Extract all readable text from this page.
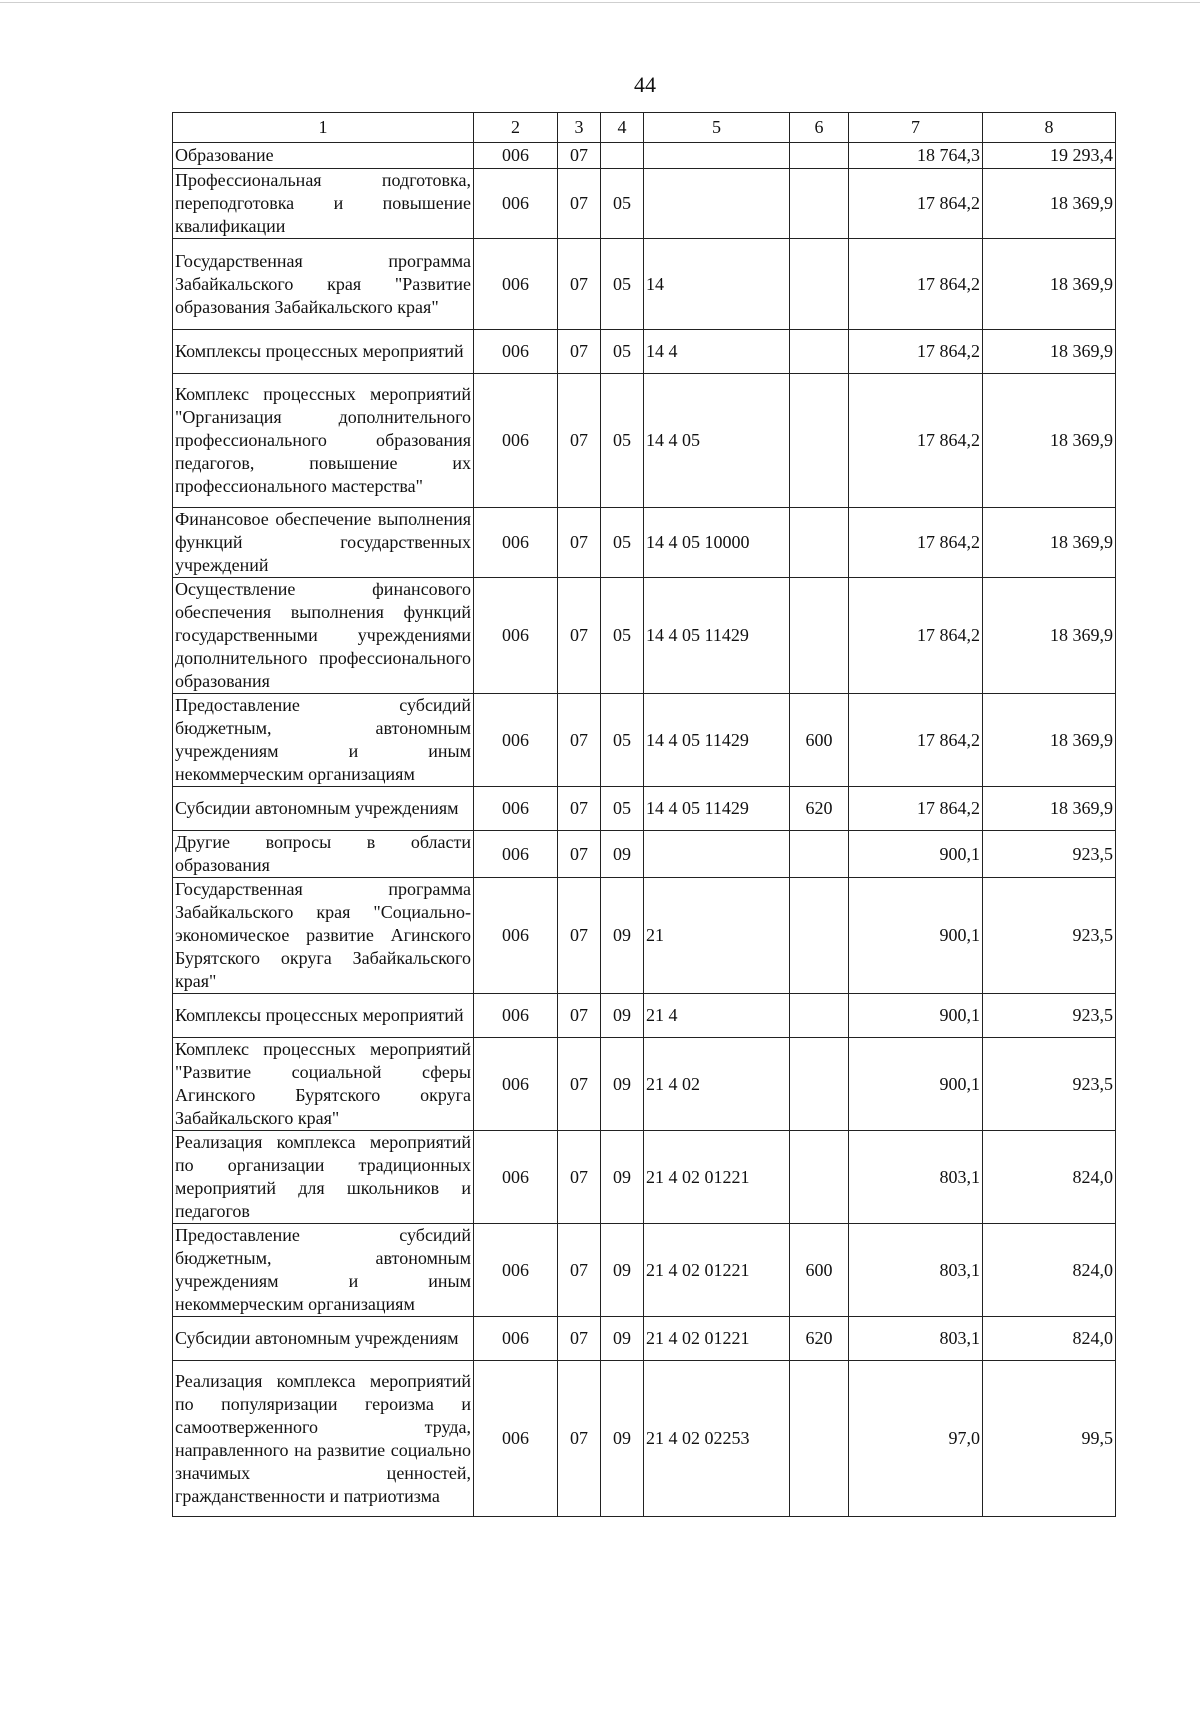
44
1	2	3	4	5	6	7	8
Образование	006	07				18 764,3	19 293,4
Профессиональная подготовка, переподготовка и повышение квалификации	006	07	05			17 864,2	18 369,9
Государственная программа Забайкальского края "Развитие образования Забайкальского края"	006	07	05	14		17 864,2	18 369,9
Комплексы процессных мероприятий	006	07	05	14 4		17 864,2	18 369,9
Комплекс процессных мероприятий "Организация дополнительного профессионального образования педагогов, повышение их профессионального мастерства"	006	07	05	14 4 05		17 864,2	18 369,9
Финансовое обеспечение выполнения функций государственных учреждений	006	07	05	14 4 05 10000		17 864,2	18 369,9
Осуществление финансового обеспечения выполнения функций государственными учреждениями дополнительного профессионального образования	006	07	05	14 4 05 11429		17 864,2	18 369,9
Предоставление субсидий бюджетным, автономным учреждениям и иным некоммерческим организациям	006	07	05	14 4 05 11429	600	17 864,2	18 369,9
Субсидии автономным учреждениям	006	07	05	14 4 05 11429	620	17 864,2	18 369,9
Другие вопросы в области образования	006	07	09			900,1	923,5
Государственная программа Забайкальского края "Социально-экономическое развитие Агинского Бурятского округа Забайкальского края"	006	07	09	21		900,1	923,5
Комплексы процессных мероприятий	006	07	09	21 4		900,1	923,5
Комплекс процессных мероприятий "Развитие социальной сферы Агинского Бурятского округа Забайкальского края"	006	07	09	21 4 02		900,1	923,5
Реализация комплекса мероприятий по организации традиционных мероприятий для школьников и педагогов	006	07	09	21 4 02 01221		803,1	824,0
Предоставление субсидий бюджетным, автономным учреждениям и иным некоммерческим организациям	006	07	09	21 4 02 01221	600	803,1	824,0
Субсидии автономным учреждениям	006	07	09	21 4 02 01221	620	803,1	824,0
Реализация комплекса мероприятий по популяризации героизма и самоотверженного труда, направленного на развитие социально значимых ценностей, гражданственности и патриотизма	006	07	09	21 4 02 02253		97,0	99,5
